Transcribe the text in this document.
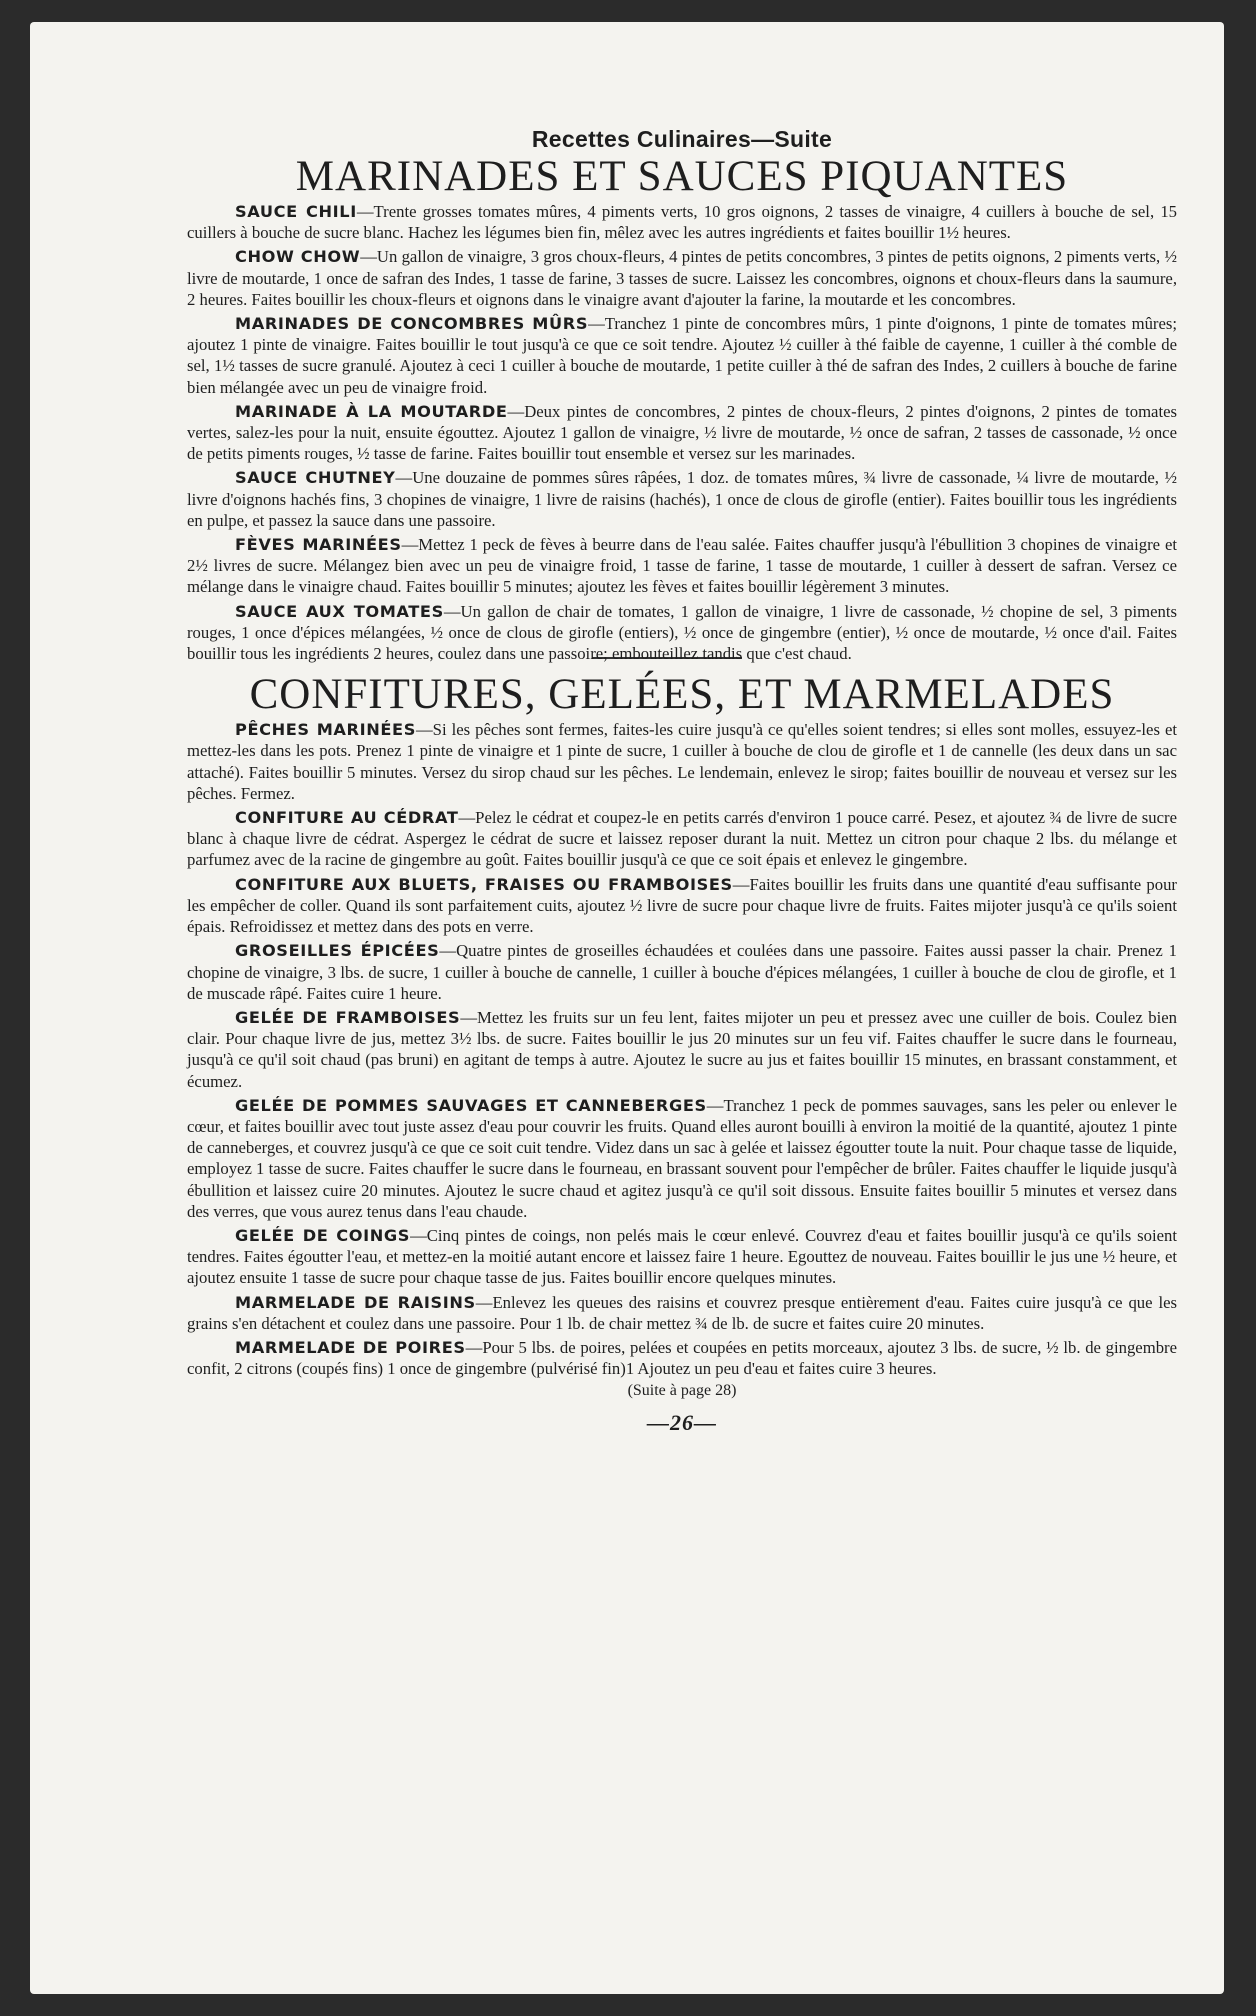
Recettes Culinaires—Suite
MARINADES ET SAUCES PIQUANTES

SAUCE CHILI—Trente grosses tomates mûres, 4 piments verts, 10 gros oignons, 2 tasses de vinaigre, 4 cuillers à bouche de sel, 15 cuillers à bouche de sucre blanc. Hachez les légumes bien fin, mêlez avec les autres ingrédients et faites bouillir 1½ heures.

CHOW CHOW—Un gallon de vinaigre, 3 gros choux-fleurs, 4 pintes de petits concombres, 3 pintes de petits oignons, 2 piments verts, ½ livre de moutarde, 1 once de safran des Indes, 1 tasse de farine, 3 tasses de sucre. Laissez les concombres, oignons et choux-fleurs dans la saumure, 2 heures. Faites bouillir les choux-fleurs et oignons dans le vinaigre avant d'ajouter la farine, la moutarde et les concombres.

MARINADES DE CONCOMBRES MÛRS—Tranchez 1 pinte de concombres mûrs, 1 pinte d'oignons, 1 pinte de tomates mûres; ajoutez 1 pinte de vinaigre. Faites bouillir le tout jusqu'à ce que ce soit tendre. Ajoutez ½ cuiller à thé faible de cayenne, 1 cuiller à thé comble de sel, 1½ tasses de sucre granulé. Ajoutez à ceci 1 cuiller à bouche de moutarde, 1 petite cuiller à thé de safran des Indes, 2 cuillers à bouche de farine bien mélangée avec un peu de vinaigre froid.

MARINADE À LA MOUTARDE—Deux pintes de concombres, 2 pintes de choux-fleurs, 2 pintes d'oignons, 2 pintes de tomates vertes, salez-les pour la nuit, ensuite égouttez. Ajoutez 1 gallon de vinaigre, ½ livre de moutarde, ½ once de safran, 2 tasses de cassonade, ½ once de petits piments rouges, ½ tasse de farine. Faites bouillir tout ensemble et versez sur les marinades.

SAUCE CHUTNEY—Une douzaine de pommes sûres râpées, 1 doz. de tomates mûres, ¾ livre de cassonade, ¼ livre de moutarde, ½ livre d'oignons hachés fins, 3 chopines de vinaigre, 1 livre de raisins (hachés), 1 once de clous de girofle (entier). Faites bouillir tous les ingrédients en pulpe, et passez la sauce dans une passoire.

FÈVES MARINÉES—Mettez 1 peck de fèves à beurre dans de l'eau salée. Faites chauffer jusqu'à l'ébullition 3 chopines de vinaigre et 2½ livres de sucre. Mélangez bien avec un peu de vinaigre froid, 1 tasse de farine, 1 tasse de moutarde, 1 cuiller à dessert de safran. Versez ce mélange dans le vinaigre chaud. Faites bouillir 5 minutes; ajoutez les fèves et faites bouillir légèrement 3 minutes.

SAUCE AUX TOMATES—Un gallon de chair de tomates, 1 gallon de vinaigre, 1 livre de cassonade, ½ chopine de sel, 3 piments rouges, 1 once d'épices mélangées, ½ once de clous de girofle (entiers), ½ once de gingembre (entier), ½ once de moutarde, ½ once d'ail. Faites bouillir tous les ingrédients 2 heures, coulez dans une passoire; embouteillez tandis que c'est chaud.

CONFITURES, GELÉES, ET MARMELADES

PÊCHES MARINÉES—Si les pêches sont fermes, faites-les cuire jusqu'à ce qu'elles soient tendres; si elles sont molles, essuyez-les et mettez-les dans les pots. Prenez 1 pinte de vinaigre et 1 pinte de sucre, 1 cuiller à bouche de clou de girofle et 1 de cannelle (les deux dans un sac attaché). Faites bouillir 5 minutes. Versez du sirop chaud sur les pêches. Le lendemain, enlevez le sirop; faites bouillir de nouveau et versez sur les pêches. Fermez.

CONFITURE AU CÉDRAT—Pelez le cédrat et coupez-le en petits carrés d'environ 1 pouce carré. Pesez, et ajoutez ¾ de livre de sucre blanc à chaque livre de cédrat. Aspergez le cédrat de sucre et laissez reposer durant la nuit. Mettez un citron pour chaque 2 lbs. du mélange et parfumez avec de la racine de gingembre au goût. Faites bouillir jusqu'à ce que ce soit épais et enlevez le gingembre.

CONFITURE AUX BLUETS, FRAISES OU FRAMBOISES—Faites bouillir les fruits dans une quantité d'eau suffisante pour les empêcher de coller. Quand ils sont parfaitement cuits, ajoutez ½ livre de sucre pour chaque livre de fruits. Faites mijoter jusqu'à ce qu'ils soient épais. Refroidissez et mettez dans des pots en verre.

GROSEILLES ÉPICÉES—Quatre pintes de groseilles échaudées et coulées dans une passoire. Faites aussi passer la chair. Prenez 1 chopine de vinaigre, 3 lbs. de sucre, 1 cuiller à bouche de cannelle, 1 cuiller à bouche d'épices mélangées, 1 cuiller à bouche de clou de girofle, et 1 de muscade râpé. Faites cuire 1 heure.

GELÉE DE FRAMBOISES—Mettez les fruits sur un feu lent, faites mijoter un peu et pressez avec une cuiller de bois. Coulez bien clair. Pour chaque livre de jus, mettez 3½ lbs. de sucre. Faites bouillir le jus 20 minutes sur un feu vif. Faites chauffer le sucre dans le fourneau, jusqu'à ce qu'il soit chaud (pas bruni) en agitant de temps à autre. Ajoutez le sucre au jus et faites bouillir 15 minutes, en brassant constamment, et écumez.

GELÉE DE POMMES SAUVAGES ET CANNEBERGES—Tranchez 1 peck de pommes sauvages, sans les peler ou enlever le cœur, et faites bouillir avec tout juste assez d'eau pour couvrir les fruits. Quand elles auront bouilli à environ la moitié de la quantité, ajoutez 1 pinte de canneberges, et couvrez jusqu'à ce que ce soit cuit tendre. Videz dans un sac à gelée et laissez égoutter toute la nuit. Pour chaque tasse de liquide, employez 1 tasse de sucre. Faites chauffer le sucre dans le fourneau, en brassant souvent pour l'empêcher de brûler. Faites chauffer le liquide jusqu'à ébullition et laissez cuire 20 minutes. Ajoutez le sucre chaud et agitez jusqu'à ce qu'il soit dissous. Ensuite faites bouillir 5 minutes et versez dans des verres, que vous aurez tenus dans l'eau chaude.

GELÉE DE COINGS—Cinq pintes de coings, non pelés mais le cœur enlevé. Couvrez d'eau et faites bouillir jusqu'à ce qu'ils soient tendres. Faites égoutter l'eau, et mettez-en la moitié autant encore et laissez faire 1 heure. Egouttez de nouveau. Faites bouillir le jus une ½ heure, et ajoutez ensuite 1 tasse de sucre pour chaque tasse de jus. Faites bouillir encore quelques minutes.

MARMELADE DE RAISINS—Enlevez les queues des raisins et couvrez presque entièrement d'eau. Faites cuire jusqu'à ce que les grains s'en détachent et coulez dans une passoire. Pour 1 lb. de chair mettez ¾ de lb. de sucre et faites cuire 20 minutes.

MARMELADE DE POIRES—Pour 5 lbs. de poires, pelées et coupées en petits morceaux, ajoutez 3 lbs. de sucre, ½ lb. de gingembre confit, 2 citrons (coupés fins) 1 once de gingembre (pulvérisé fin)1 Ajoutez un peu d'eau et faites cuire 3 heures.

(Suite à page 28)
—26—
